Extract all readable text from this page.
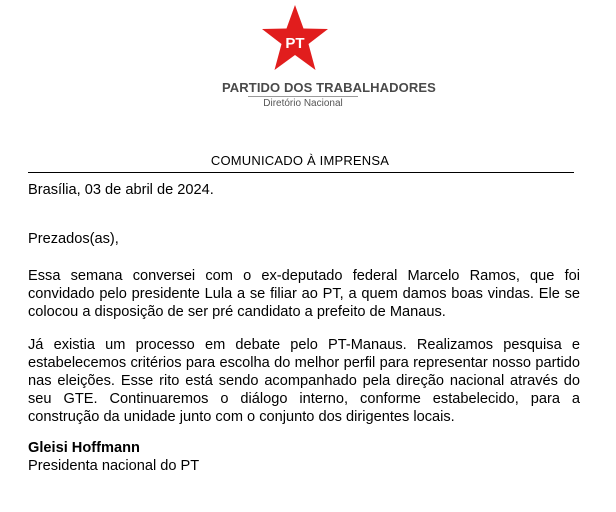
PT
PARTIDO DOS TRABALHADORES
Diretório Nacional
COMUNICADO À IMPRENSA
Brasília, 03 de abril de 2024.
Prezados(as),
Essa semana conversei com o ex-deputado federal Marcelo Ramos, que foi convidado pelo presidente Lula a se filiar ao PT, a quem damos boas vindas. Ele se colocou a disposição de ser pré candidato a prefeito de Manaus.
Já existia um processo em debate pelo PT-Manaus. Realizamos pesquisa e estabelecemos critérios para escolha do melhor perfil para representar nosso partido nas eleições. Esse rito está sendo acompanhado pela direção nacional através do seu GTE. Continuaremos o diálogo interno, conforme estabelecido, para a construção da unidade junto com o conjunto dos dirigentes locais.
Gleisi Hoffmann
Presidenta nacional do PT
